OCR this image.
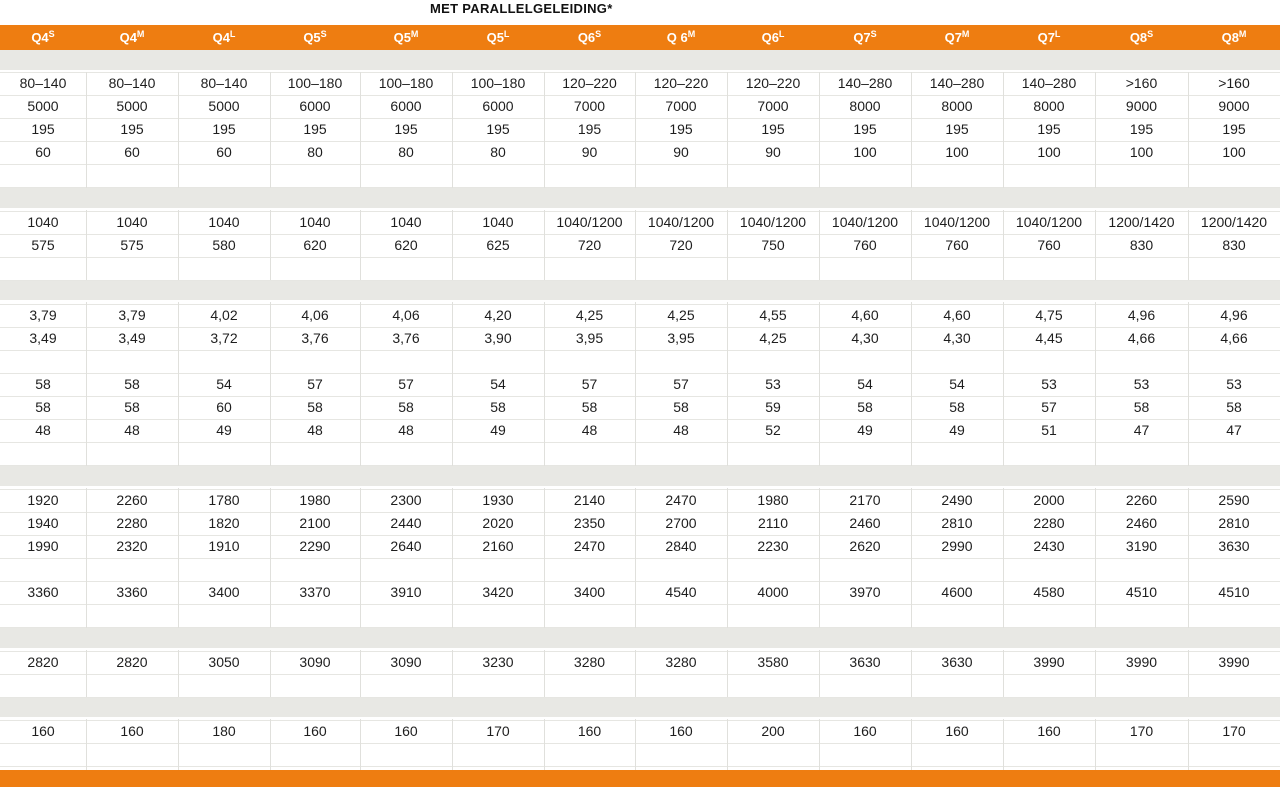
MET PARALLELGELEIDING*
$Q4^S$	$Q4^M$	$Q4^L$	$Q5^S$	$Q5^M$	$Q5^L$	$Q6^S$	Q $6^M$	$Q6^L$	$Q7^S$	$Q7^M$	$Q7^L$	$Q8^S$	$Q8^M$
80–140	80–140	80–140	100–180	100–180	100–180	120–220	120–220	120–220	140–280	140–280	140–280	>160	>160
5000	5000	5000	6000	6000	6000	7000	7000	7000	8000	8000	8000	9000	9000
195	195	195	195	195	195	195	195	195	195	195	195	195	195
60	60	60	80	80	80	90	90	90	100	100	100	100	100
1040	1040	1040	1040	1040	1040	1040/1200	1040/1200	1040/1200	1040/1200	1040/1200	1040/1200	1200/1420	1200/1420
575	575	580	620	620	625	720	720	750	760	760	760	830	830
3,79	3,79	4,02	4,06	4,06	4,20	4,25	4,25	4,55	4,60	4,60	4,75	4,96	4,96
3,49	3,49	3,72	3,76	3,76	3,90	3,95	3,95	4,25	4,30	4,30	4,45	4,66	4,66
58	58	54	57	57	54	57	57	53	54	54	53	53	53
58	58	60	58	58	58	58	58	59	58	58	57	58	58
48	48	49	48	48	49	48	48	52	49	49	51	47	47
1920	2260	1780	1980	2300	1930	2140	2470	1980	2170	2490	2000	2260	2590
1940	2280	1820	2100	2440	2020	2350	2700	2110	2460	2810	2280	2460	2810
1990	2320	1910	2290	2640	2160	2470	2840	2230	2620	2990	2430	3190	3630
3360	3360	3400	3370	3910	3420	3400	4540	4000	3970	4600	4580	4510	4510
2820	2820	3050	3090	3090	3230	3280	3280	3580	3630	3630	3990	3990	3990
160	160	180	160	160	170	160	160	200	160	160	160	170	170
